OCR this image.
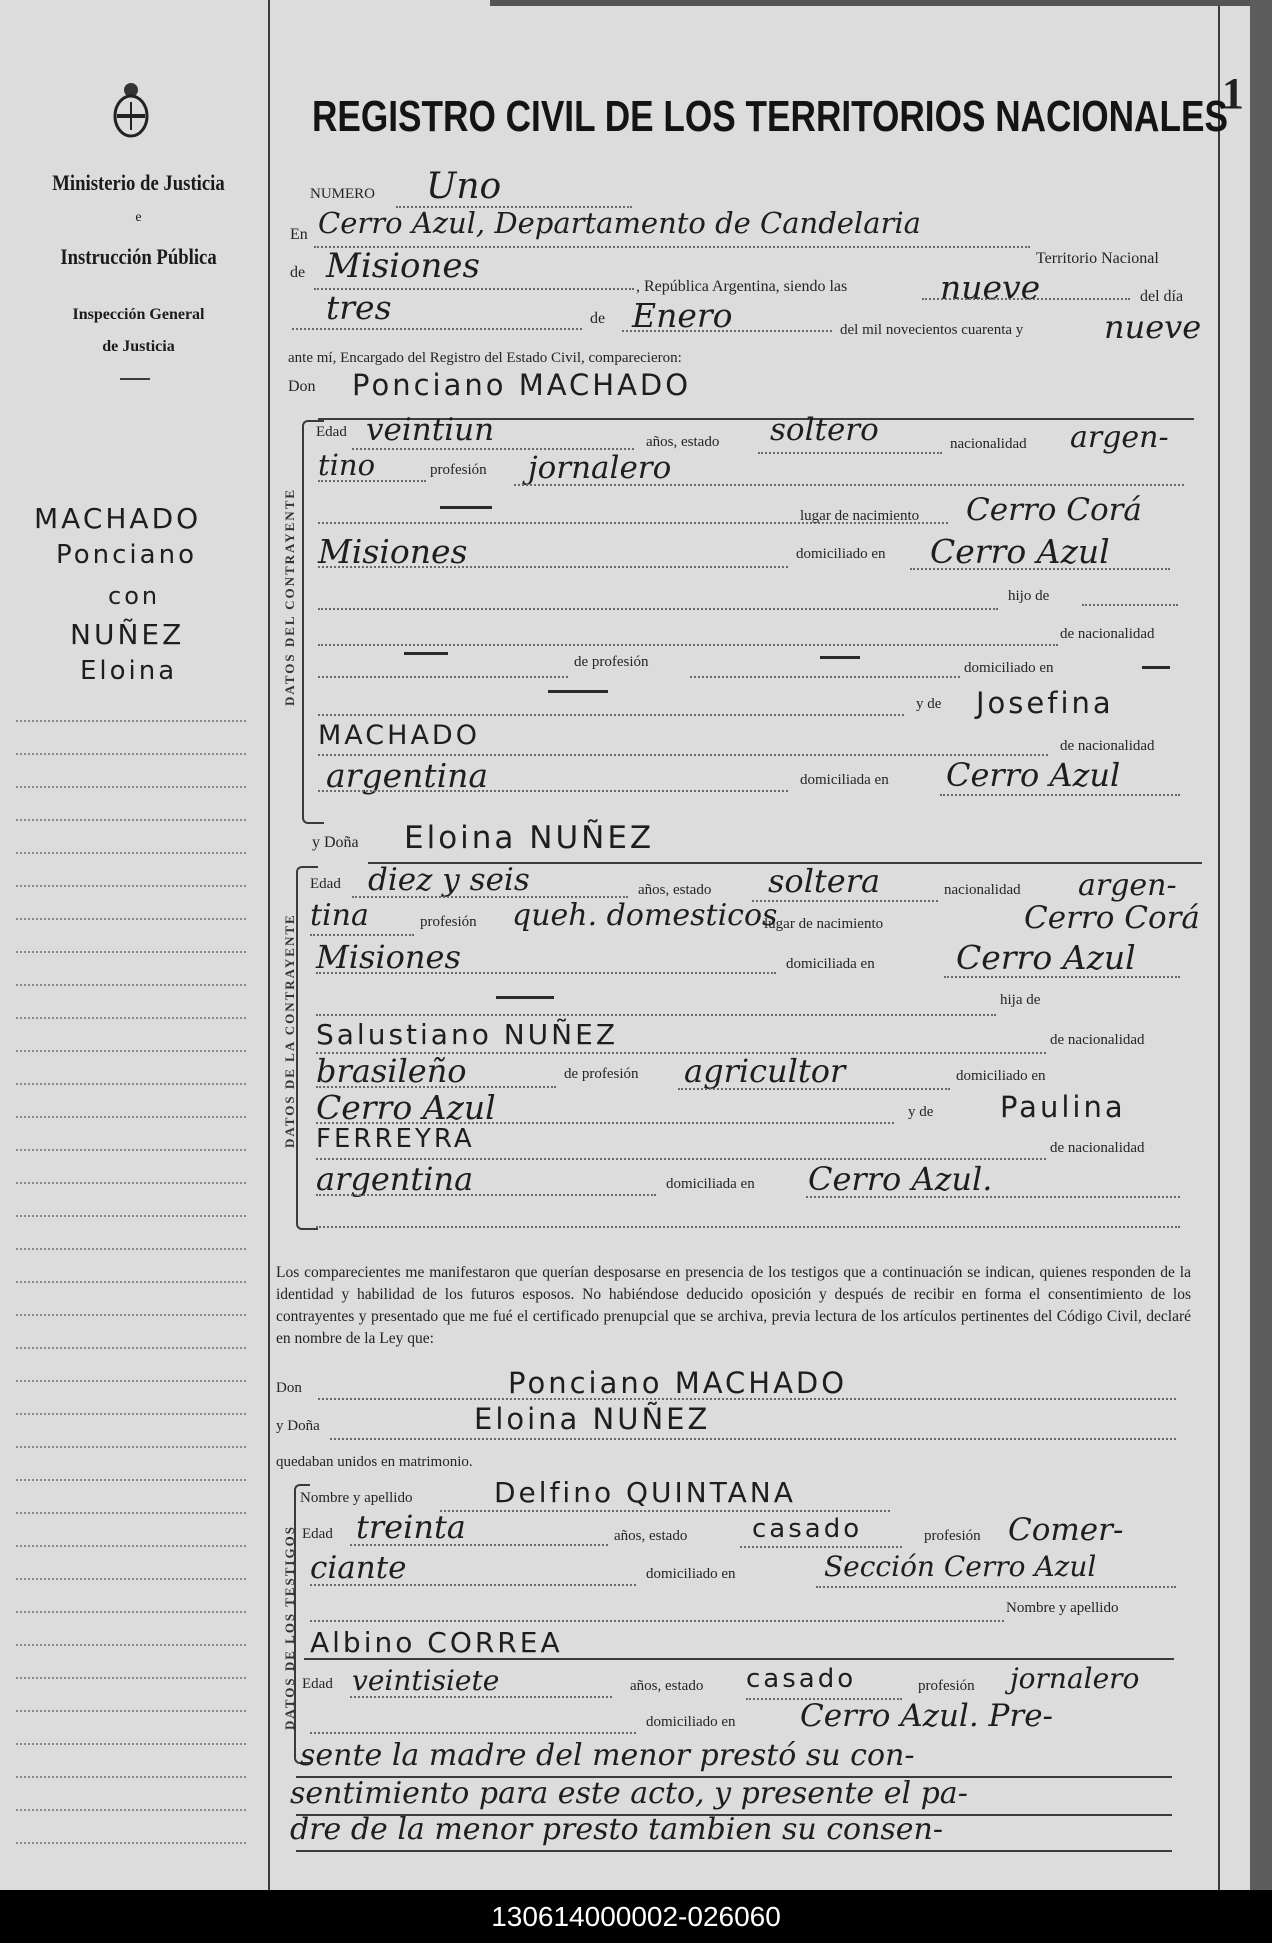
1
Ministerio de Justicia
e
Instrucción Pública
Inspección General
de Justicia
MACHADO
Ponciano
con
NUÑEZ
Eloina
REGISTRO CIVIL DE LOS TERRITORIOS NACIONALES
NUMERO Uno
En Cerro Azul, Departamento de Candelaria
Territorio Nacional
de Misiones
, República Argentina, siendo las	nueve	del día
tres	de Enero	del mil novecientos cuarenta y	nueve
ante mí, Encargado del Registro del Estado Civil, comparecieron:
Don Ponciano MACHADO
DATOS DEL CONTRAYENTE
Edad veintiun	años, estado soltero	nacionalidad argen-
tino	profesión jornalero
lugar de nacimiento Cerro Corá
Misiones	domiciliado en Cerro Azul
hijo de
de nacionalidad
de profesión	domiciliado en
y de Josefina
MACHADO	de nacionalidad
argentina	domiciliada en Cerro Azul
y Doña Eloina NUÑEZ
DATOS DE LA CONTRAYENTE
Edad diez y seis	años, estado soltera	nacionalidad argen-
tina	profesión queh. domesticos
lugar de nacimiento	Cerro Corá
Misiones	domiciliada en Cerro Azul
hija de
Salustiano NUÑEZ	de nacionalidad
brasileño	de profesión agricultor	domiciliado en
Cerro Azul	y de Paulina
FERREYRA	de nacionalidad
argentina	domiciliada en Cerro Azul.
Los comparecientes me manifestaron que querían desposarse en presencia de los testigos que a continuación se indican, quienes responden de la identidad y habilidad de los futuros esposos. No habiéndose deducido oposición y después de recibir en forma el consentimiento de los contrayentes y presentado que me fué el certificado prenupcial que se archiva, previa lectura de los artículos pertinentes del Código Civil, declaré en nombre de la Ley que:
Don	Ponciano MACHADO
y Doña	Eloina NUÑEZ
quedaban unidos en matrimonio.
DATOS DE LOS TESTIGOS
Nombre y apellido	Delfino QUINTANA
Edad treinta	años, estado casado	profesión Comer-
ciante	domiciliado en	Sección Cerro Azul
Nombre y apellido
Albino CORREA
Edad veintisiete	años, estado casado	profesión jornalero
domiciliado en Cerro Azul. Pre-
sente la madre del menor prestó su con-
sentimiento para este acto, y presente el pa-
dre de la menor presto tambien su consen-
130614000002-026060
